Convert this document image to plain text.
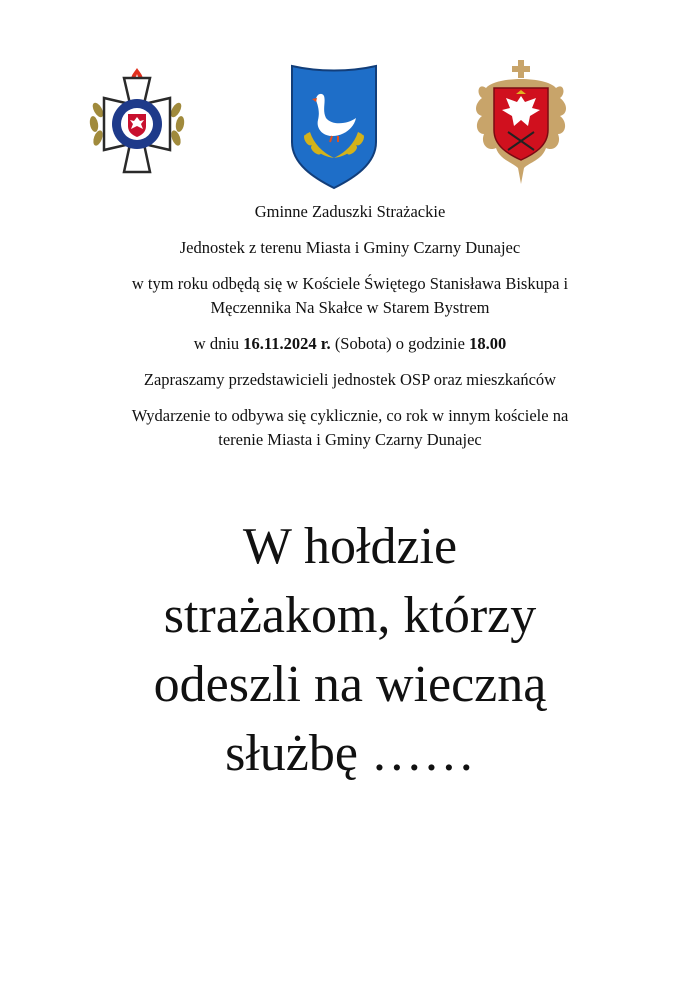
Gminne Zaduszki Strażackie

Jednostek z terenu Miasta i Gminy Czarny Dunajec

w tym roku odbędą się w Kościele Świętego Stanisława Biskupa i

Męczennika Na Skałce w Starem Bystrem

w dniu 16.11.2024 r. (Sobota) o godzinie 18.00

Zapraszamy przedstawicieli jednostek OSP oraz mieszkańców

Wydarzenie to odbywa się cyklicznie, co rok w innym kościele na

terenie Miasta i Gminy Czarny Dunajec

W hołdzie

strażakom, którzy

odeszli na wieczną

służbę ……
